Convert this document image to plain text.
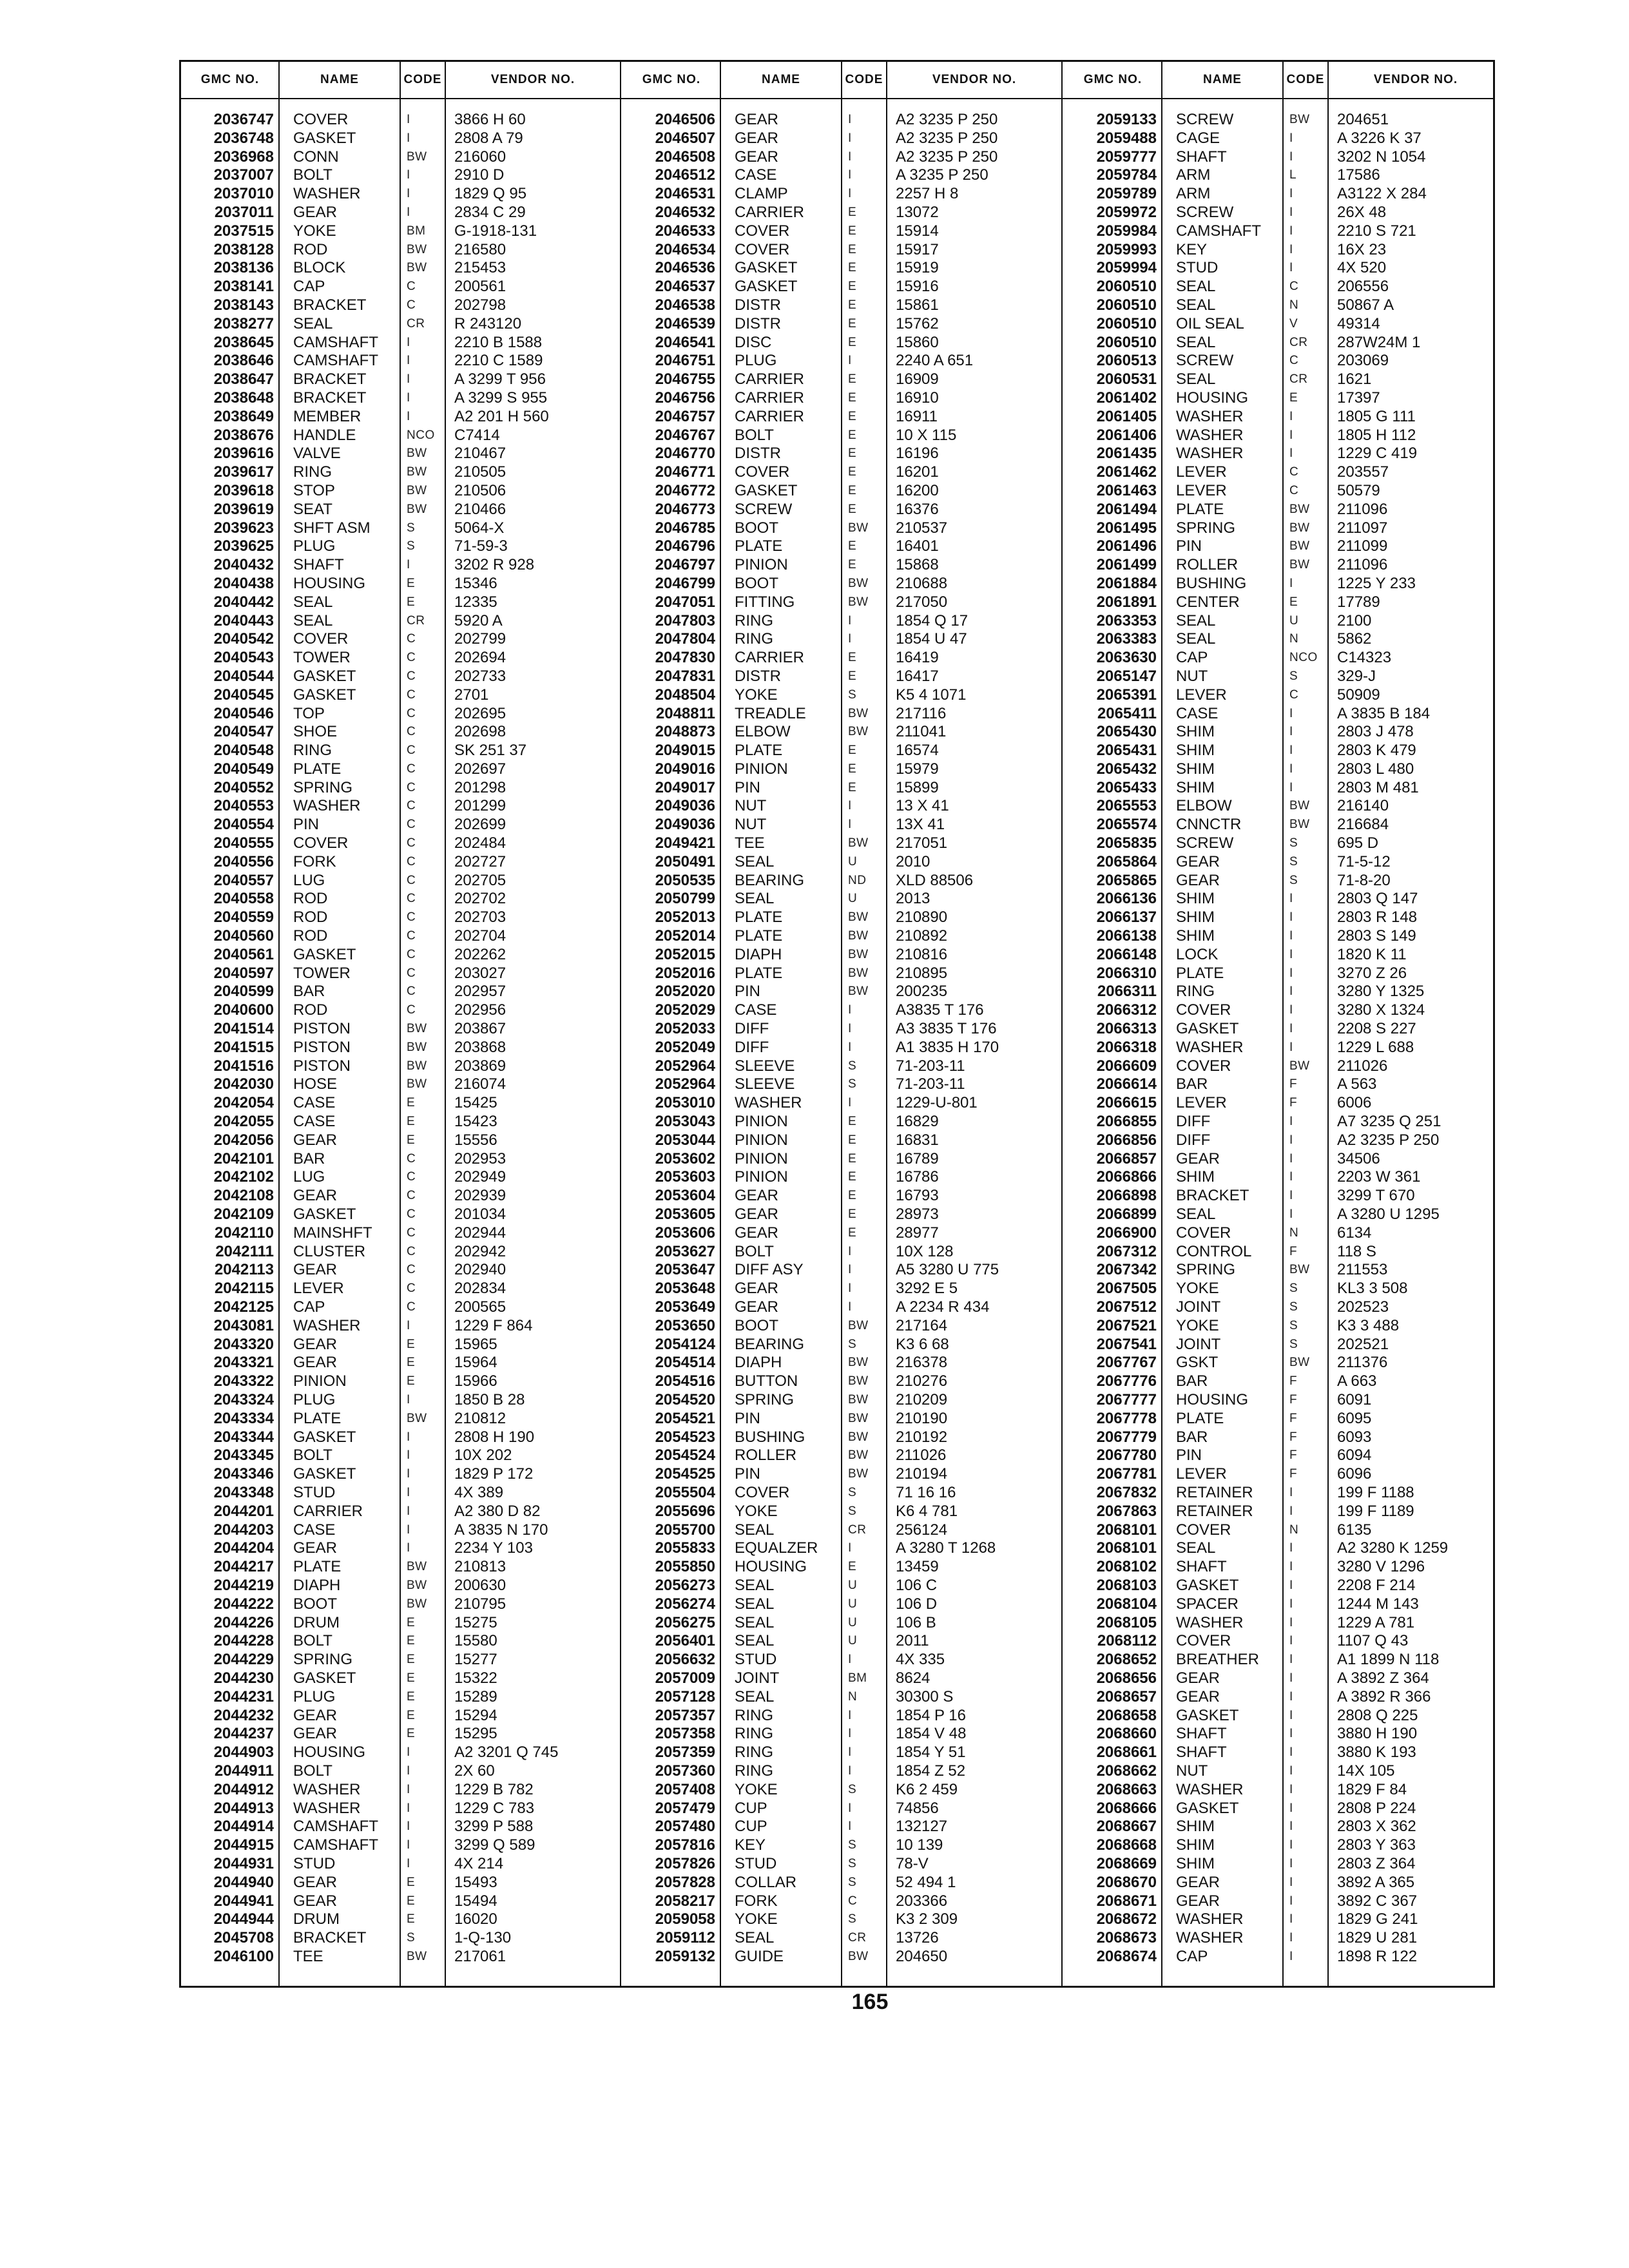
GMC NO.
2036747
2036748
2036968
2037007
2037010
2037011
2037515
2038128
2038136
2038141
2038143
2038277
2038645
2038646
2038647
2038648
2038649
2038676
2039616
2039617
2039618
2039619
2039623
2039625
2040432
2040438
2040442
2040443
2040542
2040543
2040544
2040545
2040546
2040547
2040548
2040549
2040552
2040553
2040554
2040555
2040556
2040557
2040558
2040559
2040560
2040561
2040597
2040599
2040600
2041514
2041515
2041516
2042030
2042054
2042055
2042056
2042101
2042102
2042108
2042109
2042110
2042111
2042113
2042115
2042125
2043081
2043320
2043321
2043322
2043324
2043334
2043344
2043345
2043346
2043348
2044201
2044203
2044204
2044217
2044219
2044222
2044226
2044228
2044229
2044230
2044231
2044232
2044237
2044903
2044911
2044912
2044913
2044914
2044915
2044931
2044940
2044941
2044944
2045708
2046100
NAME
COVER
GASKET
CONN
BOLT
WASHER
GEAR
YOKE
ROD
BLOCK
CAP
BRACKET
SEAL
CAMSHAFT
CAMSHAFT
BRACKET
BRACKET
MEMBER
HANDLE
VALVE
RING
STOP
SEAT
SHFT ASM
PLUG
SHAFT
HOUSING
SEAL
SEAL
COVER
TOWER
GASKET
GASKET
TOP
SHOE
RING
PLATE
SPRING
WASHER
PIN
COVER
FORK
LUG
ROD
ROD
ROD
GASKET
TOWER
BAR
ROD
PISTON
PISTON
PISTON
HOSE
CASE
CASE
GEAR
BAR
LUG
GEAR
GASKET
MAINSHFT
CLUSTER
GEAR
LEVER
CAP
WASHER
GEAR
GEAR
PINION
PLUG
PLATE
GASKET
BOLT
GASKET
STUD
CARRIER
CASE
GEAR
PLATE
DIAPH
BOOT
DRUM
BOLT
SPRING
GASKET
PLUG
GEAR
GEAR
HOUSING
BOLT
WASHER
WASHER
CAMSHAFT
CAMSHAFT
STUD
GEAR
GEAR
DRUM
BRACKET
TEE
CODE
I
I
BW
I
I
I
BM
BW
BW
C
C
CR
I
I
I
I
I
NCO
BW
BW
BW
BW
S
S
I
E
E
CR
C
C
C
C
C
C
C
C
C
C
C
C
C
C
C
C
C
C
C
C
C
BW
BW
BW
BW
E
E
E
C
C
C
C
C
C
C
C
C
I
E
E
E
I
BW
I
I
I
I
I
I
I
BW
BW
BW
E
E
E
E
E
E
E
I
I
I
I
I
I
I
E
E
E
S
BW
VENDOR NO.
3866 H 60
2808 A 79
216060
2910 D
1829 Q 95
2834 C 29
G-1918-131
216580
215453
200561
202798
R 243120
2210 B 1588
2210 C 1589
A 3299 T 956
A 3299 S 955
A2 201 H 560
C7414
210467
210505
210506
210466
5064-X
71-59-3
3202 R 928
15346
12335
5920 A
202799
202694
202733
2701
202695
202698
SK 251 37
202697
201298
201299
202699
202484
202727
202705
202702
202703
202704
202262
203027
202957
202956
203867
203868
203869
216074
15425
15423
15556
202953
202949
202939
201034
202944
202942
202940
202834
200565
1229 F 864
15965
15964
15966
1850 B 28
210812
2808 H 190
10X 202
1829 P 172
4X 389
A2 380 D 82
A 3835 N 170
2234 Y 103
210813
200630
210795
15275
15580
15277
15322
15289
15294
15295
A2 3201 Q 745
2X 60
1229 B 782
1229 C 783
3299 P 588
3299 Q 589
4X 214
15493
15494
16020
1-Q-130
217061
GMC NO.
2046506
2046507
2046508
2046512
2046531
2046532
2046533
2046534
2046536
2046537
2046538
2046539
2046541
2046751
2046755
2046756
2046757
2046767
2046770
2046771
2046772
2046773
2046785
2046796
2046797
2046799
2047051
2047803
2047804
2047830
2047831
2048504
2048811
2048873
2049015
2049016
2049017
2049036
2049036
2049421
2050491
2050535
2050799
2052013
2052014
2052015
2052016
2052020
2052029
2052033
2052049
2052964
2052964
2053010
2053043
2053044
2053602
2053603
2053604
2053605
2053606
2053627
2053647
2053648
2053649
2053650
2054124
2054514
2054516
2054520
2054521
2054523
2054524
2054525
2055504
2055696
2055700
2055833
2055850
2056273
2056274
2056275
2056401
2056632
2057009
2057128
2057357
2057358
2057359
2057360
2057408
2057479
2057480
2057816
2057826
2057828
2058217
2059058
2059112
2059132
NAME
GEAR
GEAR
GEAR
CASE
CLAMP
CARRIER
COVER
COVER
GASKET
GASKET
DISTR
DISTR
DISC
PLUG
CARRIER
CARRIER
CARRIER
BOLT
DISTR
COVER
GASKET
SCREW
BOOT
PLATE
PINION
BOOT
FITTING
RING
RING
CARRIER
DISTR
YOKE
TREADLE
ELBOW
PLATE
PINION
PIN
NUT
NUT
TEE
SEAL
BEARING
SEAL
PLATE
PLATE
DIAPH
PLATE
PIN
CASE
DIFF
DIFF
SLEEVE
SLEEVE
WASHER
PINION
PINION
PINION
PINION
GEAR
GEAR
GEAR
BOLT
DIFF ASY
GEAR
GEAR
BOOT
BEARING
DIAPH
BUTTON
SPRING
PIN
BUSHING
ROLLER
PIN
COVER
YOKE
SEAL
EQUALZER
HOUSING
SEAL
SEAL
SEAL
SEAL
STUD
JOINT
SEAL
RING
RING
RING
RING
YOKE
CUP
CUP
KEY
STUD
COLLAR
FORK
YOKE
SEAL
GUIDE
CODE
I
I
I
I
I
E
E
E
E
E
E
E
E
I
E
E
E
E
E
E
E
E
BW
E
E
BW
BW
I
I
E
E
S
BW
BW
E
E
E
I
I
BW
U
ND
U
BW
BW
BW
BW
BW
I
I
I
S
S
I
E
E
E
E
E
E
E
I
I
I
I
BW
S
BW
BW
BW
BW
BW
BW
BW
S
S
CR
I
E
U
U
U
U
I
BM
N
I
I
I
I
S
I
I
S
S
S
C
S
CR
BW
VENDOR NO.
A2 3235 P 250
A2 3235 P 250
A2 3235 P 250
A 3235 P 250
2257 H 8
13072
15914
15917
15919
15916
15861
15762
15860
2240 A 651
16909
16910
16911
10 X 115
16196
16201
16200
16376
210537
16401
15868
210688
217050
1854 Q 17
1854 U 47
16419
16417
K5 4 1071
217116
211041
16574
15979
15899
13 X 41
13X 41
217051
2010
XLD 88506
2013
210890
210892
210816
210895
200235
A3835 T 176
A3 3835 T 176
A1 3835 H 170
71-203-11
71-203-11
1229-U-801
16829
16831
16789
16786
16793
28973
28977
10X 128
A5 3280 U 775
3292 E 5
A 2234 R 434
217164
K3 6 68
216378
210276
210209
210190
210192
211026
210194
71 16 16
K6 4 781
256124
A 3280 T 1268
13459
106 C
106 D
106 B
2011
4X 335
8624
30300 S
1854 P 16
1854 V 48
1854 Y 51
1854 Z 52
K6 2 459
74856
132127
10 139
78-V
52 494 1
203366
K3 2 309
13726
204650
GMC NO.
2059133
2059488
2059777
2059784
2059789
2059972
2059984
2059993
2059994
2060510
2060510
2060510
2060510
2060513
2060531
2061402
2061405
2061406
2061435
2061462
2061463
2061494
2061495
2061496
2061499
2061884
2061891
2063353
2063383
2063630
2065147
2065391
2065411
2065430
2065431
2065432
2065433
2065553
2065574
2065835
2065864
2065865
2066136
2066137
2066138
2066148
2066310
2066311
2066312
2066313
2066318
2066609
2066614
2066615
2066855
2066856
2066857
2066866
2066898
2066899
2066900
2067312
2067342
2067505
2067512
2067521
2067541
2067767
2067776
2067777
2067778
2067779
2067780
2067781
2067832
2067863
2068101
2068101
2068102
2068103
2068104
2068105
2068112
2068652
2068656
2068657
2068658
2068660
2068661
2068662
2068663
2068666
2068667
2068668
2068669
2068670
2068671
2068672
2068673
2068674
NAME
SCREW
CAGE
SHAFT
ARM
ARM
SCREW
CAMSHAFT
KEY
STUD
SEAL
SEAL
OIL SEAL
SEAL
SCREW
SEAL
HOUSING
WASHER
WASHER
WASHER
LEVER
LEVER
PLATE
SPRING
PIN
ROLLER
BUSHING
CENTER
SEAL
SEAL
CAP
NUT
LEVER
CASE
SHIM
SHIM
SHIM
SHIM
ELBOW
CNNCTR
SCREW
GEAR
GEAR
SHIM
SHIM
SHIM
LOCK
PLATE
RING
COVER
GASKET
WASHER
COVER
BAR
LEVER
DIFF
DIFF
GEAR
SHIM
BRACKET
SEAL
COVER
CONTROL
SPRING
YOKE
JOINT
YOKE
JOINT
GSKT
BAR
HOUSING
PLATE
BAR
PIN
LEVER
RETAINER
RETAINER
COVER
SEAL
SHAFT
GASKET
SPACER
WASHER
COVER
BREATHER
GEAR
GEAR
GASKET
SHAFT
SHAFT
NUT
WASHER
GASKET
SHIM
SHIM
SHIM
GEAR
GEAR
WASHER
WASHER
CAP
CODE
BW
I
I
L
I
I
I
I
I
C
N
V
CR
C
CR
E
I
I
I
C
C
BW
BW
BW
BW
I
E
U
N
NCO
S
C
I
I
I
I
I
BW
BW
S
S
S
I
I
I
I
I
I
I
I
I
BW
F
F
I
I
I
I
I
I
N
F
BW
S
S
S
S
BW
F
F
F
F
F
F
I
I
N
I
I
I
I
I
I
I
I
I
I
I
I
I
I
I
I
I
I
I
I
I
I
I
VENDOR NO.
204651
A 3226 K 37
3202 N 1054
17586
A3122 X 284
26X 48
2210 S 721
16X 23
4X 520
206556
50867 A
49314
287W24M 1
203069
1621
17397
1805 G 111
1805 H 112
1229 C 419
203557
50579
211096
211097
211099
211096
1225 Y 233
17789
2100
5862
C14323
329-J
50909
A 3835 B 184
2803 J 478
2803 K 479
2803 L 480
2803 M 481
216140
216684
695 D
71-5-12
71-8-20
2803 Q 147
2803 R 148
2803 S 149
1820 K 11
3270 Z 26
3280 Y 1325
3280 X 1324
2208 S 227
1229 L 688
211026
A 563
6006
A7 3235 Q 251
A2 3235 P 250
34506
2203 W 361
3299 T 670
A 3280 U 1295
6134
118 S
211553
KL3 3 508
202523
K3 3 488
202521
211376
A 663
6091
6095
6093
6094
6096
199 F 1188
199 F 1189
6135
A2 3280 K 1259
3280 V 1296
2208 F 214
1244 M 143
1229 A 781
1107 Q 43
A1 1899 N 118
A 3892 Z 364
A 3892 R 366
2808 Q 225
3880 H 190
3880 K 193
14X 105
1829 F 84
2808 P 224
2803 X 362
2803 Y 363
2803 Z 364
3892 A 365
3892 C 367
1829 G 241
1829 U 281
1898 R 122
165
